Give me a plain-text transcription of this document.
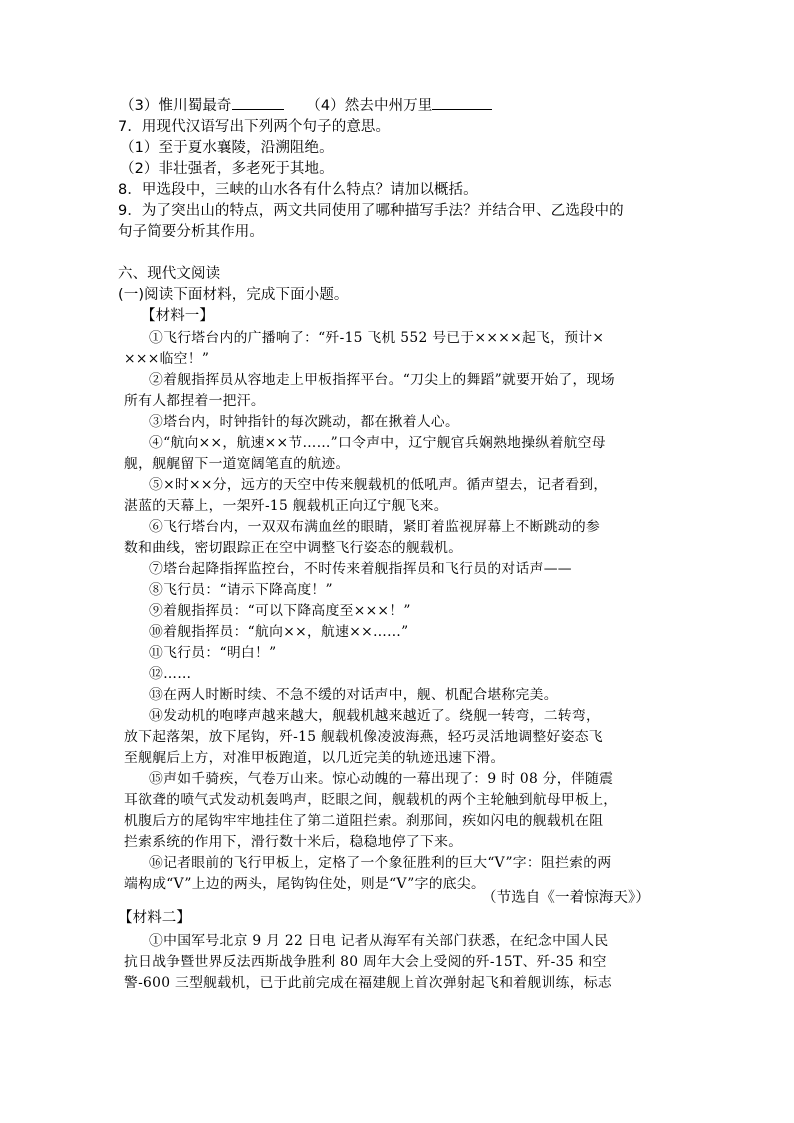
（3）惟川蜀最奇	（4）然去中州万里
7．用现代汉语写出下列两个句子的意思。
（1）至于夏水襄陵，沿溯阻绝。
（2）非壮强者，多老死于其地。
8．甲选段中，三峡的山水各有什么特点？请加以概括。
9．为了突出山的特点，两文共同使用了哪种描写手法？并结合甲、乙选段中的
句子简要分析其作用。
六、现代文阅读
(一)阅读下面材料，完成下面小题。
【材料一】
①飞行塔台内的广播响了：“歼-15 飞机 552 号已于××××起飞，预计×
×××临空！”
②着舰指挥员从容地走上甲板指挥平台。“刀尖上的舞蹈”就要开始了，现场
所有人都捏着一把汗。
③塔台内，时钟指针的每次跳动，都在揪着人心。
④“航向××，航速××节……”口令声中，辽宁舰官兵娴熟地操纵着航空母
舰，舰艉留下一道宽阔笔直的航迹。
⑤×时××分，远方的天空中传来舰载机的低吼声。循声望去，记者看到，
湛蓝的天幕上，一架歼-15 舰载机正向辽宁舰飞来。
⑥飞行塔台内，一双双布满血丝的眼睛，紧盯着监视屏幕上不断跳动的参
数和曲线，密切跟踪正在空中调整飞行姿态的舰载机。
⑦塔台起降指挥监控台，不时传来着舰指挥员和飞行员的对话声——
⑧飞行员：“请示下降高度！”
⑨着舰指挥员：“可以下降高度至×××！”
⑩着舰指挥员：“航向××，航速××……”
⑪飞行员：“明白！”
⑫……
⑬在两人时断时续、不急不缓的对话声中，舰、机配合堪称完美。
⑭发动机的咆哮声越来越大，舰载机越来越近了。绕舰一转弯，二转弯，
放下起落架，放下尾钩，歼-15 舰载机像凌波海燕，轻巧灵活地调整好姿态飞
至舰艉后上方，对准甲板跑道，以几近完美的轨迹迅速下滑。
⑮声如千骑疾，气卷万山来。惊心动魄的一幕出现了：9 时 08 分，伴随震
耳欲聋的喷气式发动机轰鸣声，眨眼之间，舰载机的两个主轮触到航母甲板上，
机腹后方的尾钩牢牢地挂住了第二道阻拦索。刹那间，疾如闪电的舰载机在阻
拦索系统的作用下，滑行数十米后，稳稳地停了下来。
⑯记者眼前的飞行甲板上，定格了一个象征胜利的巨大“V”字：阻拦索的两
端构成“V”上边的两头，尾钩钩住处，则是“V”字的底尖。
（节选自《一着惊海天》）
【材料二】
①中国军号北京 9 月 22 日电 记者从海军有关部门获悉，在纪念中国人民
抗日战争暨世界反法西斯战争胜利 80 周年大会上受阅的歼-15T、歼-35 和空
警-600 三型舰载机，已于此前完成在福建舰上首次弹射起飞和着舰训练，标志
